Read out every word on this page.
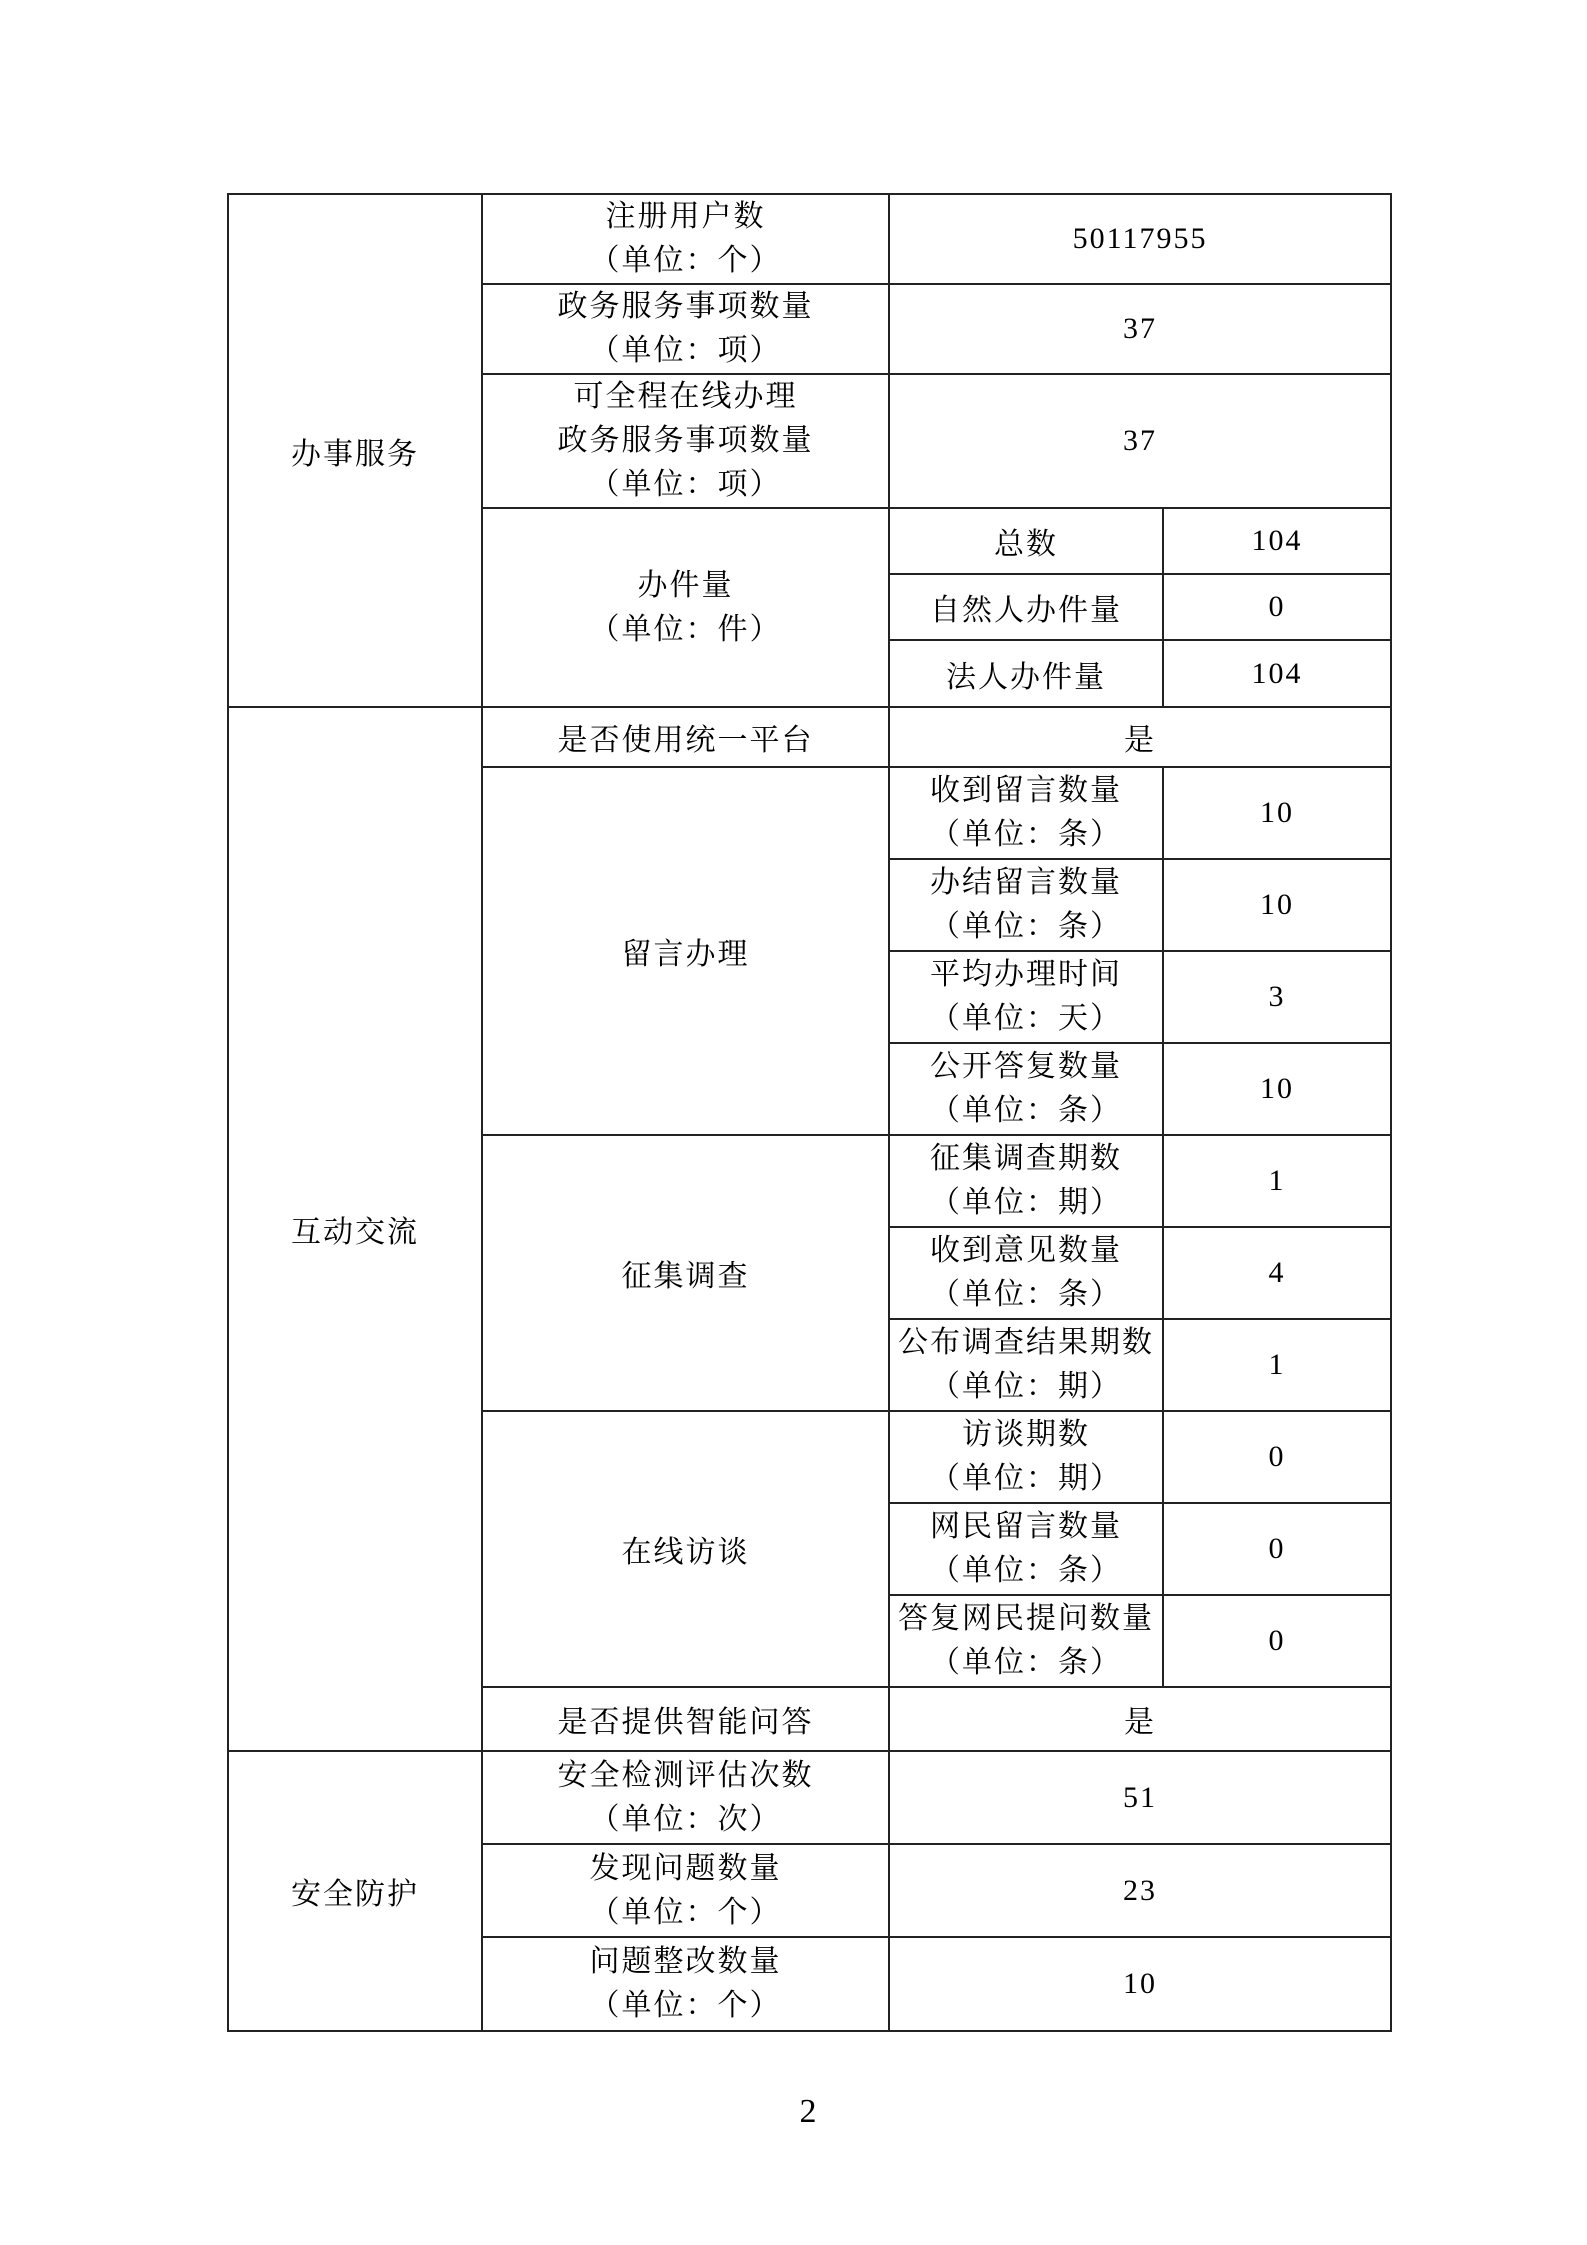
办事服务	注册用户数
（单位：个）	50117955	

	政务服务事项数量
（单位：项）	37	

	可全程在线办理
政务服务事项数量
（单位：项）	37	

	办件量
（单位：件）	总数	104
		自然人办件量	0
		法人办件量	104
互动交流	是否使用统一平台	是	
	留言办理	收到留言数量
（单位：条）	10

		办结留言数量
（单位：条）	10

		平均办理时间
（单位：天）	3

		公开答复数量
（单位：条）	10
	征集调查	征集调查期数
（单位：期）	1

		收到意见数量
（单位：条）	4

		公布调查结果期数
（单位：期）	1
	在线访谈	访谈期数
（单位：期）	0

		网民留言数量
（单位：条）	0

		答复网民提问数量
（单位：条）	0
	是否提供智能问答	是	
安全防护	安全检测评估次数
（单位：次）	51	

	发现问题数量
（单位：个）	23	

	问题整改数量
（单位：个）	10	
2
